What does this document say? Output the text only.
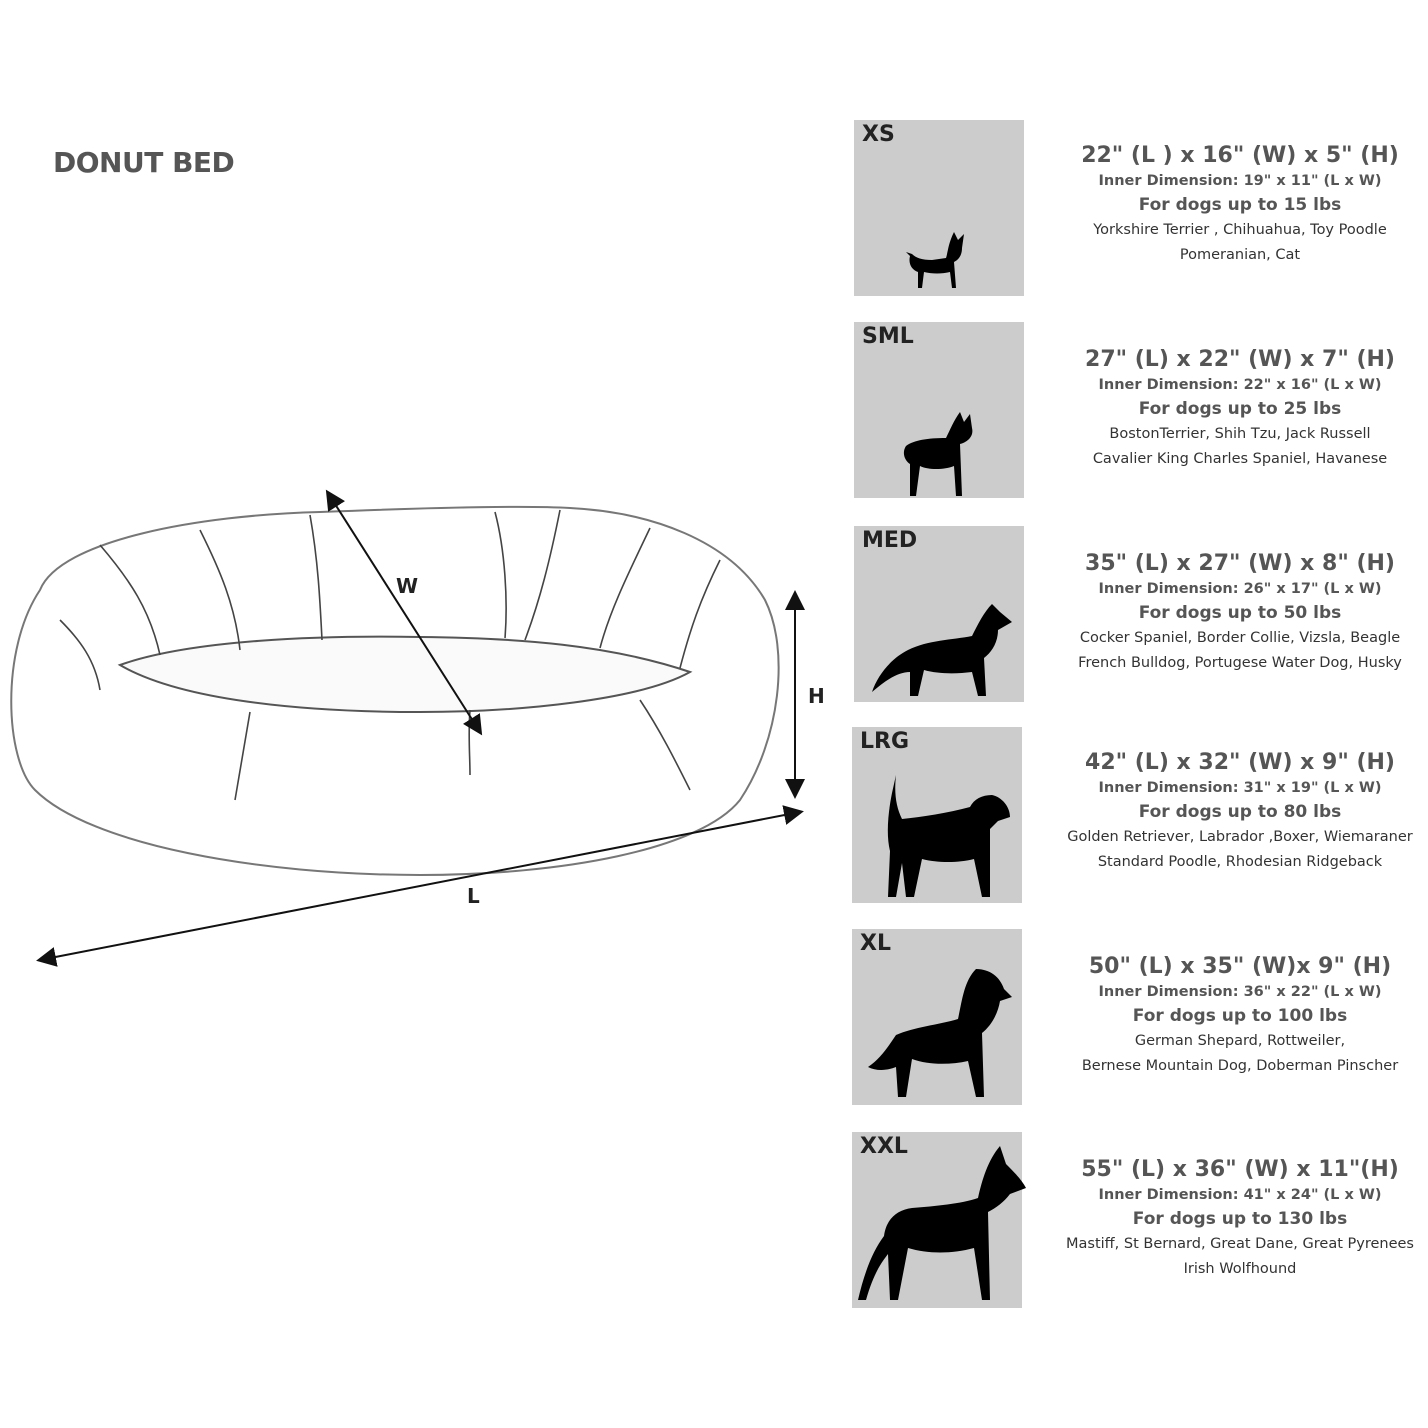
DONUT BED
W
H
L
XS
22" (L ) x 16" (W) x 5" (H)
Inner Dimension: 19" x 11" (L x W)
For dogs up to 15 lbs
Yorkshire Terrier , Chihuahua, Toy Poodle
Pomeranian, Cat
SML
27" (L) x 22" (W) x 7" (H)
Inner Dimension: 22" x 16" (L x W)
For dogs up to 25 lbs
BostonTerrier, Shih Tzu, Jack Russell
Cavalier King Charles Spaniel, Havanese
MED
35" (L) x 27" (W) x 8" (H)
Inner Dimension: 26" x 17" (L x W)
For dogs up to 50 lbs
Cocker Spaniel, Border Collie, Vizsla, Beagle
French Bulldog, Portugese Water Dog, Husky
LRG
42" (L) x 32" (W) x 9" (H)
Inner Dimension: 31" x 19" (L x W)
For dogs up to 80 lbs
Golden Retriever, Labrador ,Boxer, Wiemaraner
Standard Poodle, Rhodesian Ridgeback
XL
50" (L) x 35" (W)x 9" (H)
Inner Dimension: 36" x 22" (L x W)
For dogs up to 100 lbs
German Shepard, Rottweiler,
Bernese Mountain Dog, Doberman Pinscher
XXL
55" (L) x 36" (W) x 11"(H)
Inner Dimension: 41" x 24" (L x W)
For dogs up to 130 lbs
Mastiff, St Bernard, Great Dane, Great Pyrenees
Irish Wolfhound
